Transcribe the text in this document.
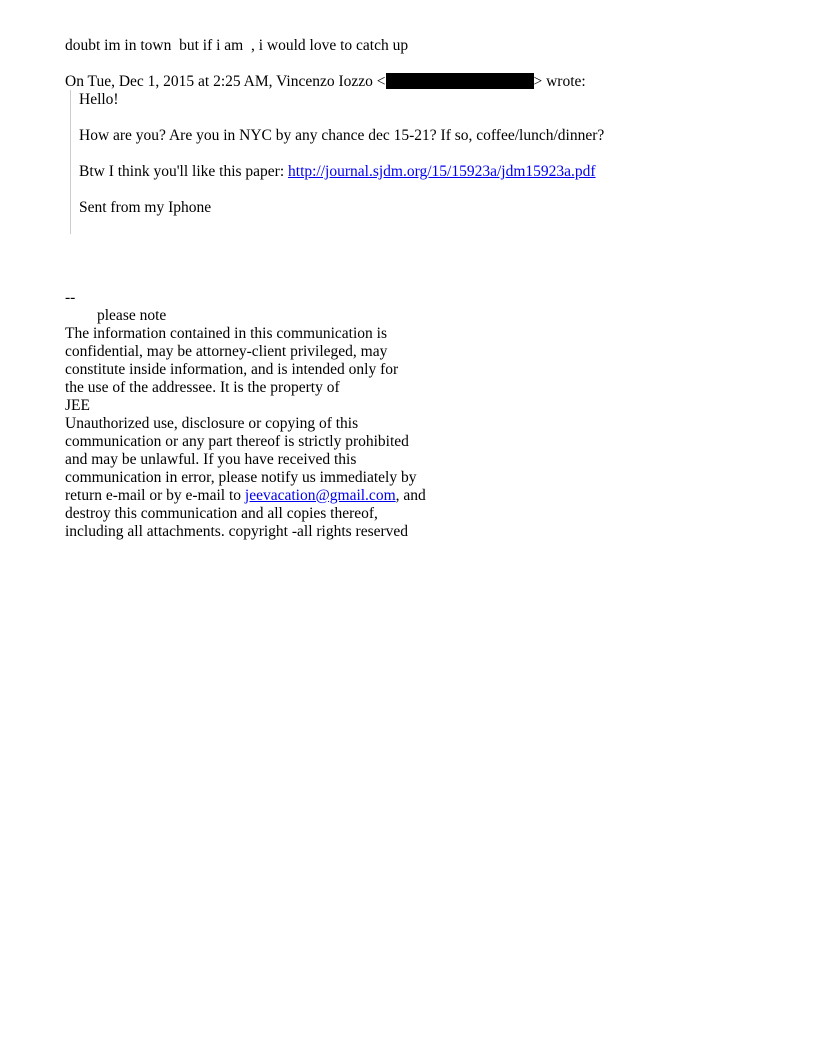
doubt im in town  but if i am  , i would love to catch up
On Tue, Dec 1, 2015 at 2:25 AM, Vincenzo Iozzo <	> wrote:
Hello!
How are you? Are you in NYC by any chance dec 15-21? If so, coffee/lunch/dinner?
Btw I think you'll like this paper: http://journal.sjdm.org/15/15923a/jdm15923a.pdf
Sent from my Iphone
--
please note
The information contained in this communication is
confidential, may be attorney-client privileged, may
constitute inside information, and is intended only for
the use of the addressee. It is the property of
JEE
Unauthorized use, disclosure or copying of this
communication or any part thereof is strictly prohibited
and may be unlawful. If you have received this
communication in error, please notify us immediately by
return e-mail or by e-mail to jeevacation@gmail.com, and
destroy this communication and all copies thereof,
including all attachments. copyright -all rights reserved
